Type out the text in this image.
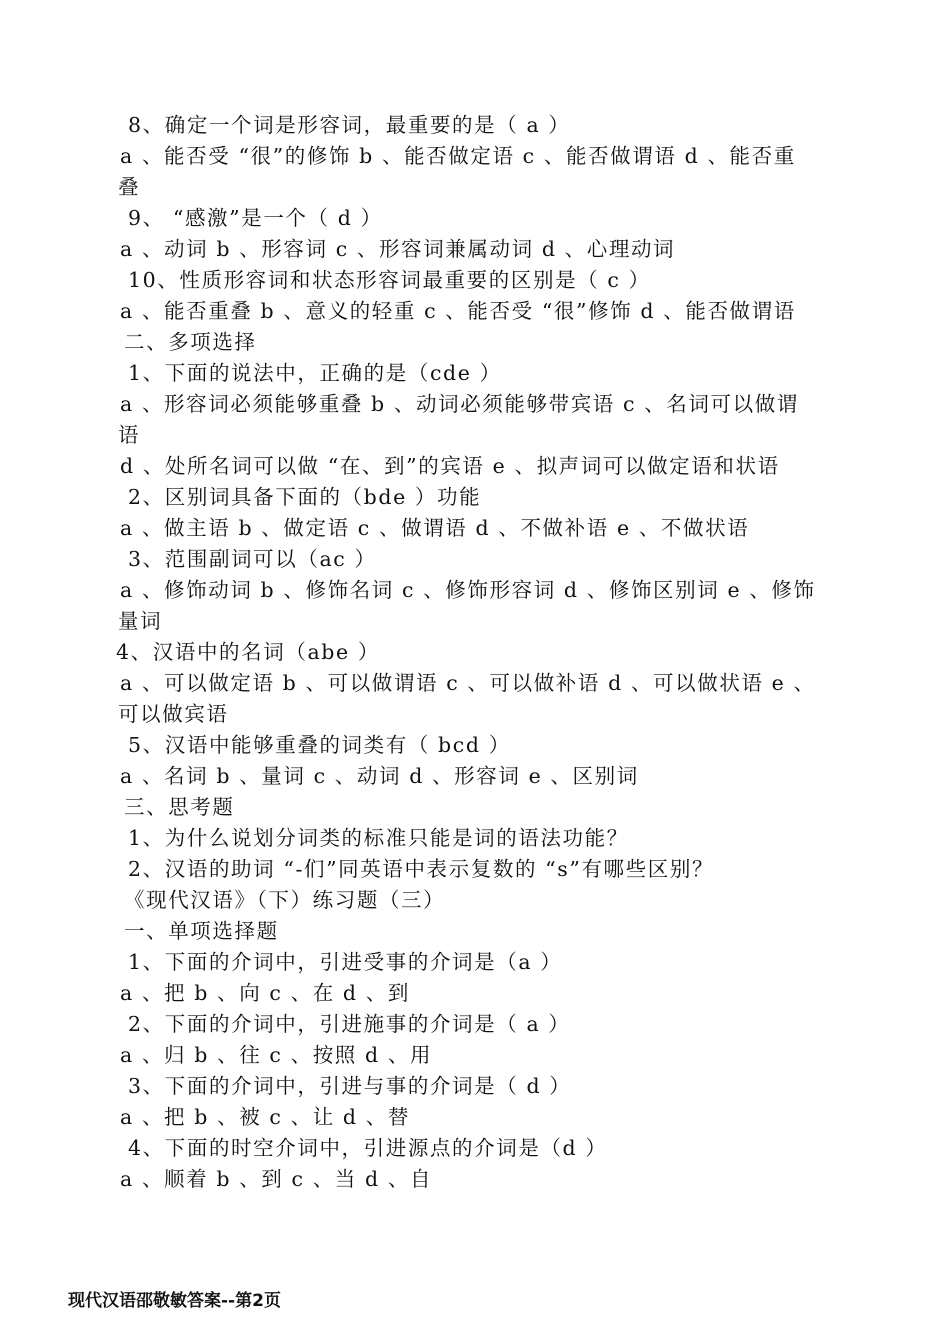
8、确定一个词是形容词，最重要的是（ a ）
a 、能否受 “很”的修饰 b 、能否做定语 c 、能否做谓语 d 、能否重
叠
9、 “感激”是一个（ d ）
a 、动词 b 、形容词 c 、形容词兼属动词 d 、心理动词
10、性质形容词和状态形容词最重要的区别是（ c ）
a 、能否重叠 b 、意义的轻重 c 、能否受 “很”修饰 d 、能否做谓语
二、多项选择
1、下面的说法中，正确的是（cde ）
a 、形容词必须能够重叠 b 、动词必须能够带宾语 c 、名词可以做谓
语
d 、处所名词可以做 “在、到”的宾语 e 、拟声词可以做定语和状语
2、区别词具备下面的（bde ）功能
a 、做主语 b 、做定语 c 、做谓语 d 、不做补语 e 、不做状语
3、范围副词可以（ac ）
a 、修饰动词 b 、修饰名词 c 、修饰形容词 d 、修饰区别词 e 、修饰
量词
4、汉语中的名词（abe ）
a 、可以做定语 b 、可以做谓语 c 、可以做补语 d 、可以做状语 e 、
可以做宾语
5、汉语中能够重叠的词类有（ bcd ）
a 、名词 b 、量词 c 、动词 d 、形容词 e 、区别词
三、思考题
1、为什么说划分词类的标准只能是词的语法功能？
2、汉语的助词 “-们”同英语中表示复数的 “s”有哪些区别？
《现代汉语》（下）练习题（三）
一、单项选择题
1、下面的介词中，引进受事的介词是（a ）
a 、把 b 、向 c 、在 d 、到
2、下面的介词中，引进施事的介词是（ a ）
a 、归 b 、往 c 、按照 d 、用
3、下面的介词中，引进与事的介词是（ d ）
a 、把 b 、被 c 、让 d 、替
4、下面的时空介词中，引进源点的介词是（d ）
a 、顺着 b 、到 c 、当 d 、自
现代汉语邵敬敏答案--第2页
